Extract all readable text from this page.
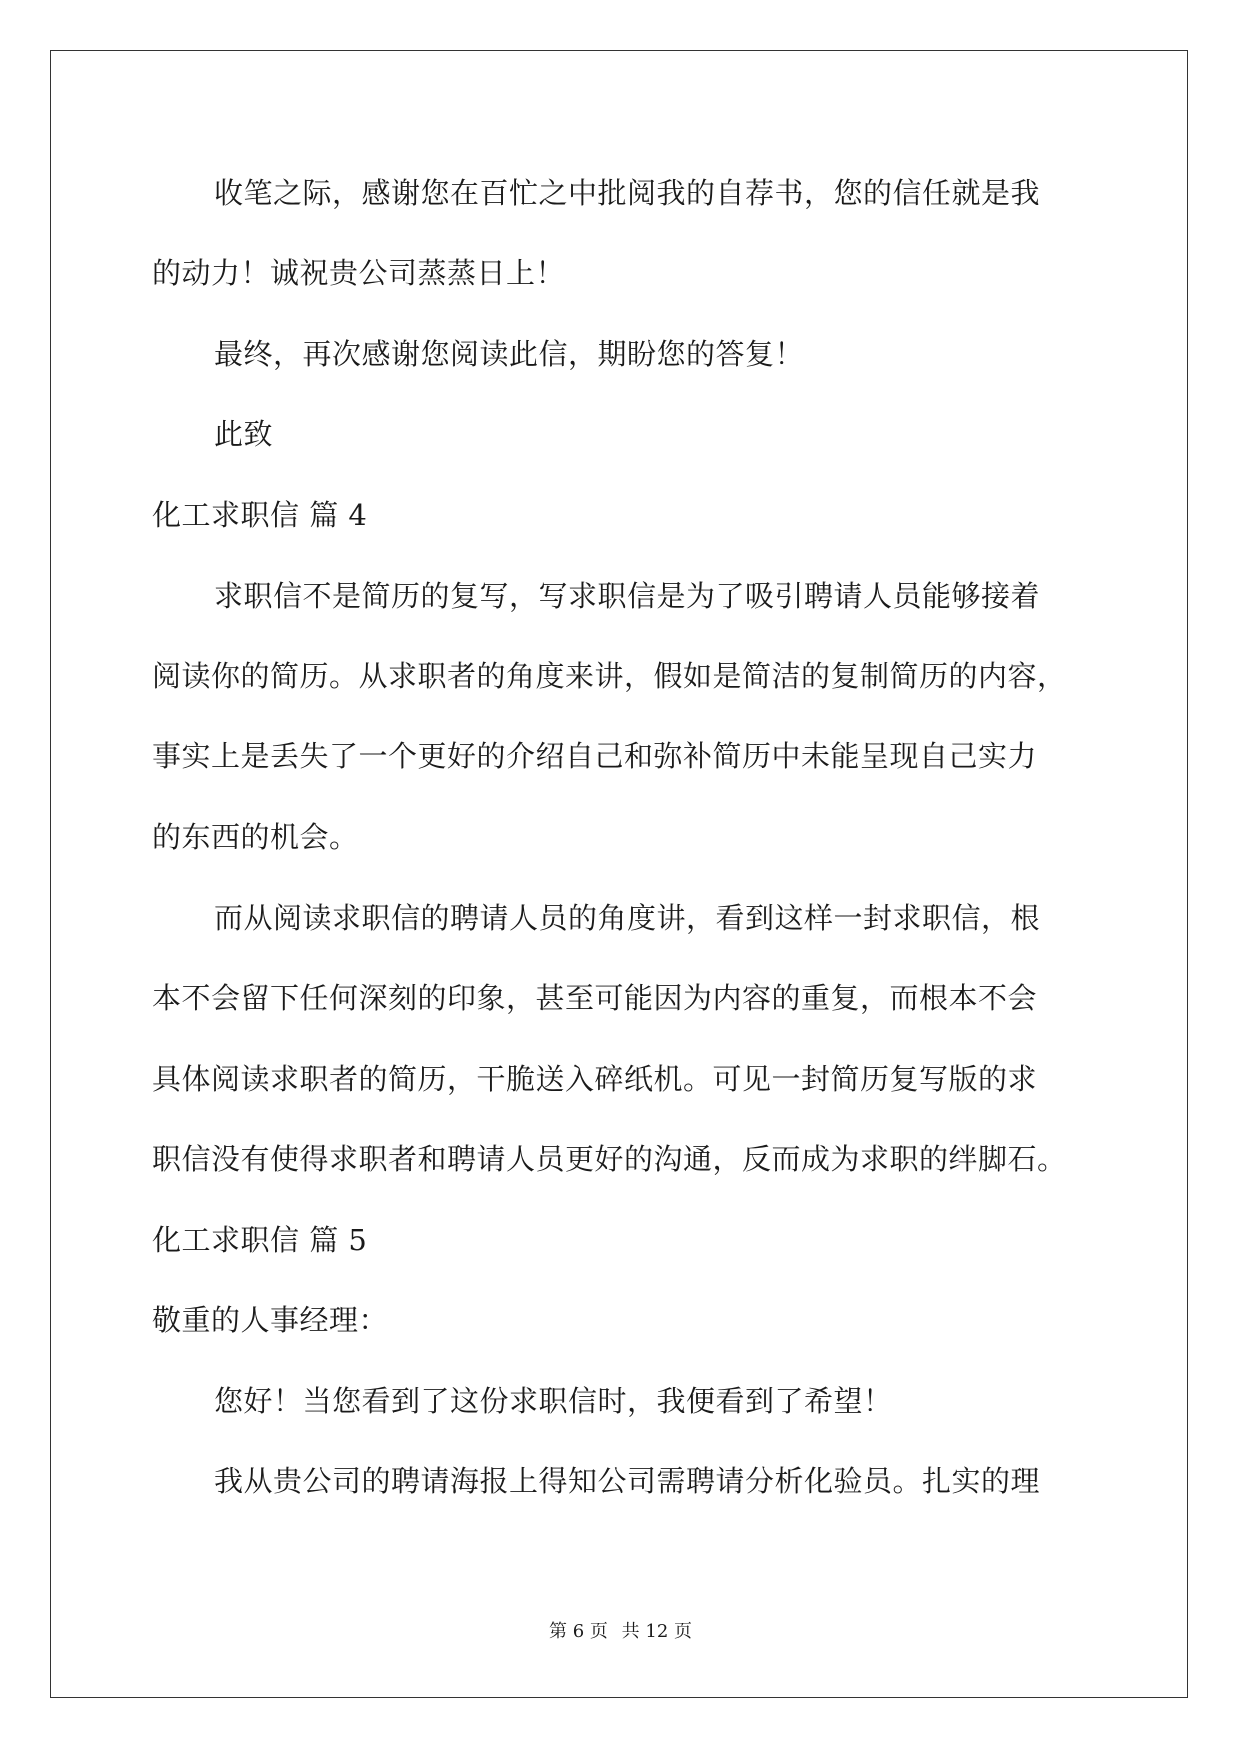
收笔之际，感谢您在百忙之中批阅我的自荐书，您的信任就是我
的动力！诚祝贵公司蒸蒸日上！
最终，再次感谢您阅读此信，期盼您的答复！
此致
化工求职信 篇 4
求职信不是简历的复写，写求职信是为了吸引聘请人员能够接着
阅读你的简历。从求职者的角度来讲，假如是简洁的复制简历的内容，
事实上是丢失了一个更好的介绍自己和弥补简历中未能呈现自己实力
的东西的机会。
而从阅读求职信的聘请人员的角度讲，看到这样一封求职信，根
本不会留下任何深刻的印象，甚至可能因为内容的重复，而根本不会
具体阅读求职者的简历，干脆送入碎纸机。可见一封简历复写版的求
职信没有使得求职者和聘请人员更好的沟通，反而成为求职的绊脚石。
化工求职信 篇 5
敬重的人事经理：
您好！当您看到了这份求职信时，我便看到了希望！
我从贵公司的聘请海报上得知公司需聘请分析化验员。扎实的理
第 6 页 共 12 页
